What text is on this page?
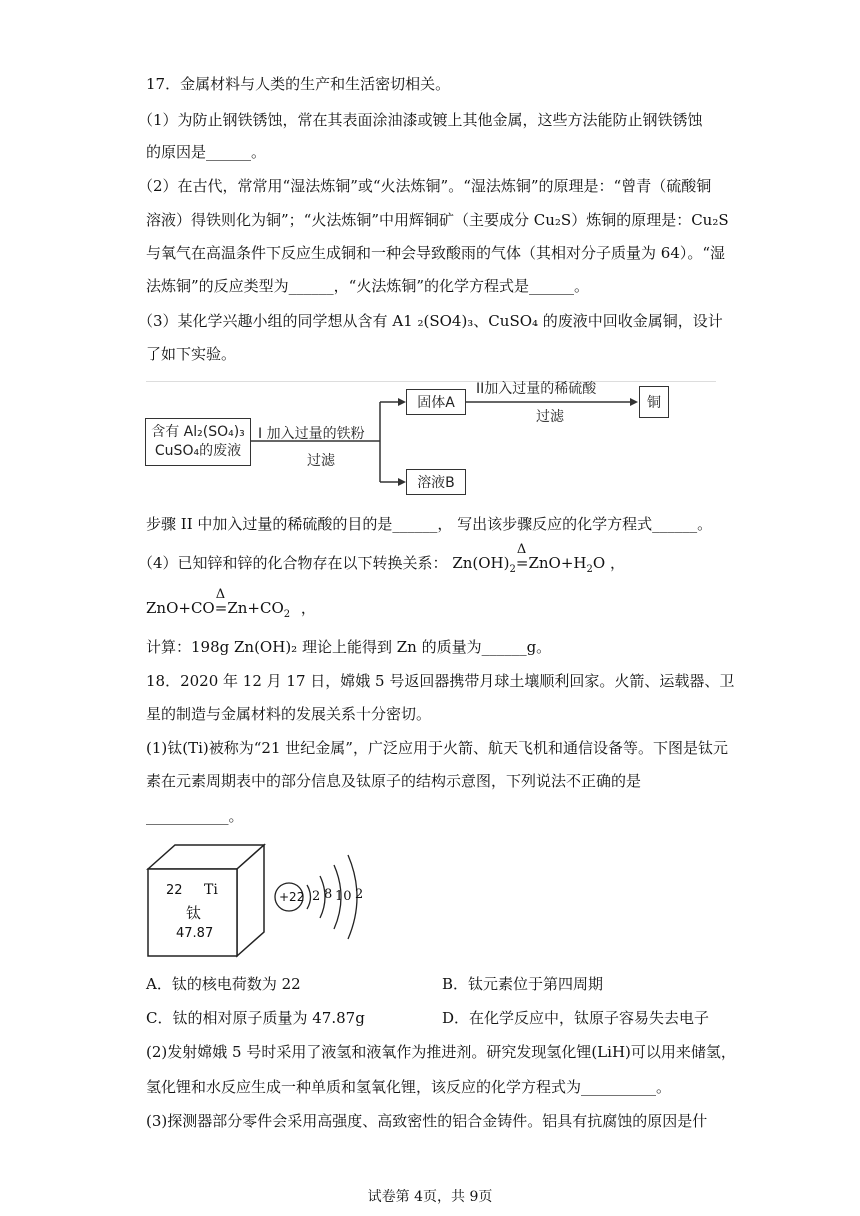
17．金属材料与人类的生产和生活密切相关。
（1）为防止钢铁锈蚀，常在其表面涂油漆或镀上其他金属，这些方法能防止钢铁锈蚀
的原因是______。
（2）在古代，常常用“湿法炼铜”或“火法炼铜”。“湿法炼铜”的原理是：“曾青（硫酸铜
溶液）得铁则化为铜”；“火法炼铜”中用辉铜矿（主要成分 Cu₂S）炼铜的原理是：Cu₂S
与氧气在高温条件下反应生成铜和一种会导致酸雨的气体（其相对分子质量为 64）。“湿
法炼铜”的反应类型为______，“火法炼铜”的化学方程式是______。
（3）某化学兴趣小组的同学想从含有 A1 ₂(SO4)₃、CuSO₄ 的废液中回收金属铜，设计
了如下实验。
含有 Al₂(SO₄)₃
CuSO₄的废液
I 加入过量的铁粉
过滤
固体A
溶液B
II加入过量的稀硫酸
过滤
铜
步骤 II 中加入过量的稀硫酸的目的是______， 写出该步骤反应的化学方程式______。
（4）已知锌和锌的化合物存在以下转换关系： $Zn(OH)_2$
Δ
$=ZnO+H_2O$ ，
ZnO+CO
Δ
$=Zn+CO_2$ ，
计算：198g Zn(OH)₂ 理论上能得到 Zn 的质量为______g。
18．2020 年 12 月 17 日，嫦娥 5 号返回器携带月球土壤顺利回家。火箭、运载器、卫
星的制造与金属材料的发展关系十分密切。
(1)钛(Ti)被称为“21 世纪金属”，广泛应用于火箭、航天飞机和通信设备等。下图是钛元
素在元素周期表中的部分信息及钛原子的结构示意图，下列说法不正确的是
___________。
22 Ti
钛
47.87
+22 2 8 10 2
A．钛的核电荷数为 22	B．钛元素位于第四周期
C．钛的相对原子质量为 47.87g	D．在化学反应中，钛原子容易失去电子
(2)发射嫦娥 5 号时采用了液氢和液氧作为推进剂。研究发现氢化锂(LiH)可以用来储氢，
氢化锂和水反应生成一种单质和氢氧化锂，该反应的化学方程式为__________。
(3)探测器部分零件会采用高强度、高致密性的铝合金铸件。铝具有抗腐蚀的原因是什
试卷第 4页，共 9页
